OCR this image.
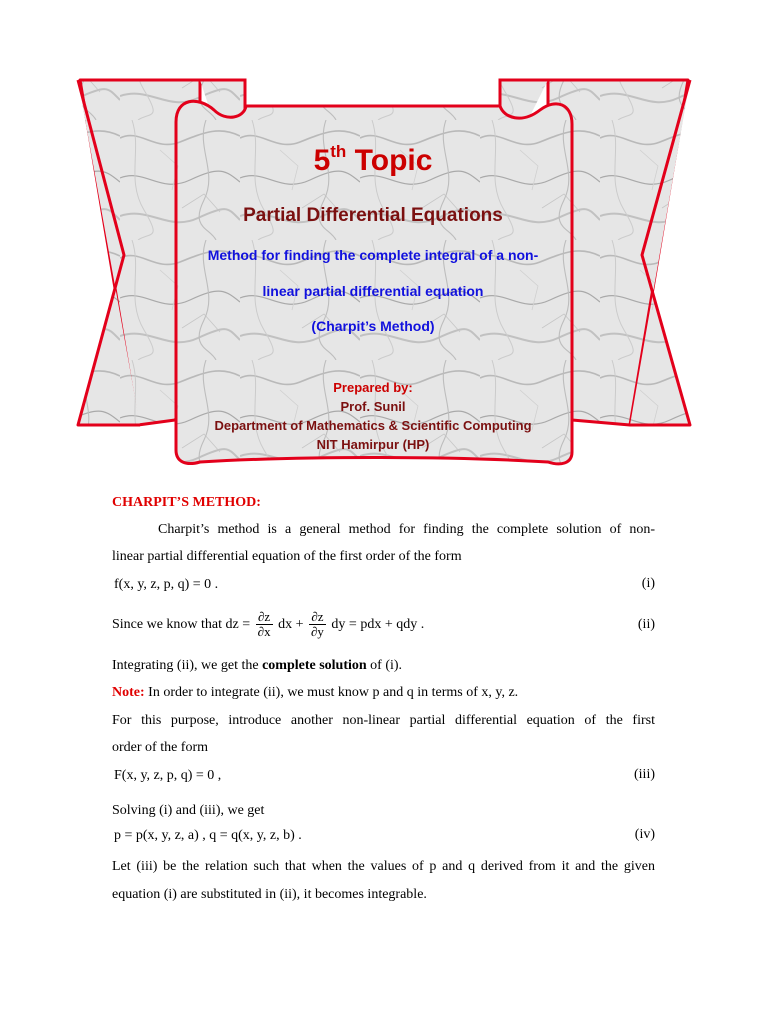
5th Topic
Partial Differential Equations
Method for finding the complete integral of a non-
linear partial differential equation
(Charpit’s Method)
Prepared by:
Prof. Sunil
Department of Mathematics & Scientific Computing
NIT Hamirpur (HP)
CHARPIT’S METHOD:
Charpit’s method is a general method for finding the complete solution of non-
linear partial differential equation of the first order of the form
f(x, y, z, p, q) = 0 .	(i)
Since we know that dz = $\frac{\partial z}{\partial x}$ dx + $\frac{\partial z}{\partial y}$ dy = pdx + qdy .	(ii)
Integrating (ii), we get the complete solution of (i).
Note: In order to integrate (ii), we must know p and q in terms of x, y, z.
For this purpose, introduce another non-linear partial differential equation of the first
order of the form
F(x, y, z, p, q) = 0 ,	(iii)
Solving (i) and (iii), we get
p = p(x, y, z, a) , q = q(x, y, z, b) .	(iv)
Let (iii) be the relation such that when the values of p and q derived from it and the given
equation (i) are substituted in (ii), it becomes integrable.
